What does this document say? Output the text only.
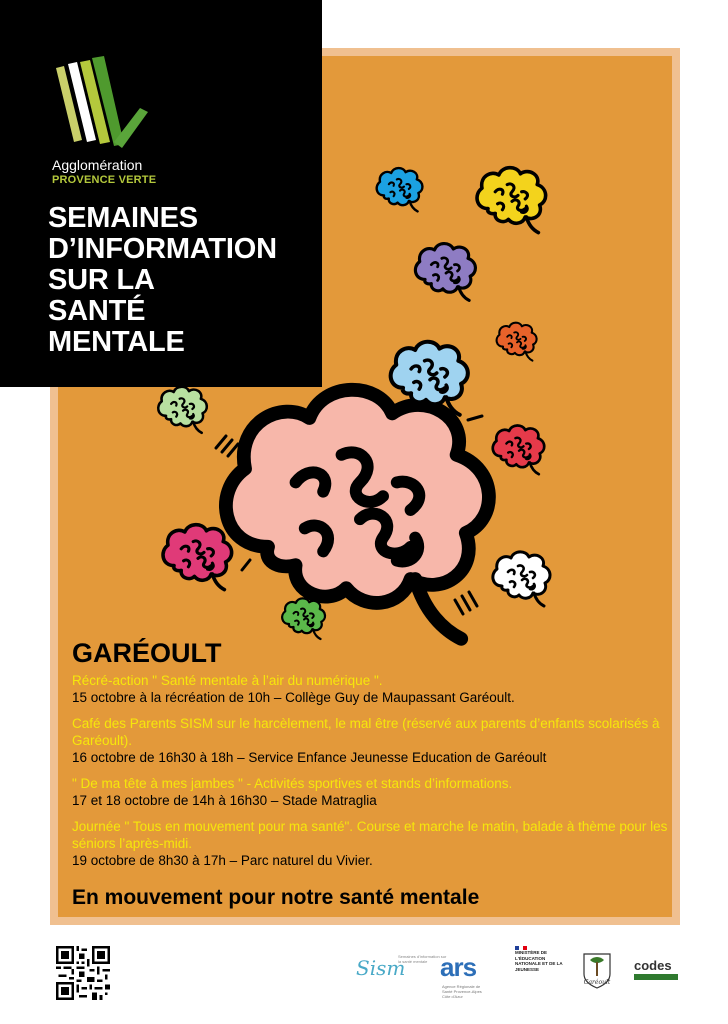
Agglomération
PROVENCE VERTE
SEMAINES
D’INFORMATION
SUR LA
SANTÉ
MENTALE
GARÉOULT
Récré-action " Santé mentale à l’air du numérique ".
15 octobre à la récréation de 10h – Collège Guy de Maupassant Garéoult.
Café des Parents SISM sur le harcèlement, le mal être (réservé aux parents d’enfants scolarisés à Garéoult).
16 octobre de 16h30 à 18h – Service Enfance Jeunesse Education de Garéoult
" De ma tête à mes jambes " - Activités sportives et stands d’informations.
17 et 18 octobre de 14h à 16h30 – Stade Matraglia
Journée " Tous en mouvement pour ma santé". Course et marche le matin, balade à thème pour les séniors l’après-midi.
19 octobre de 8h30 à 17h – Parc naturel du Vivier.
En mouvement pour notre santé mentale
Sism
Semaines d'information sur la santé mentale ars
Agence Régionale de Santé Provence-Alpes Côte d'Azur
MINISTÈRE DE L'ÉDUCATION NATIONALE ET DE LA JEUNESSE
Garéoult
codes
